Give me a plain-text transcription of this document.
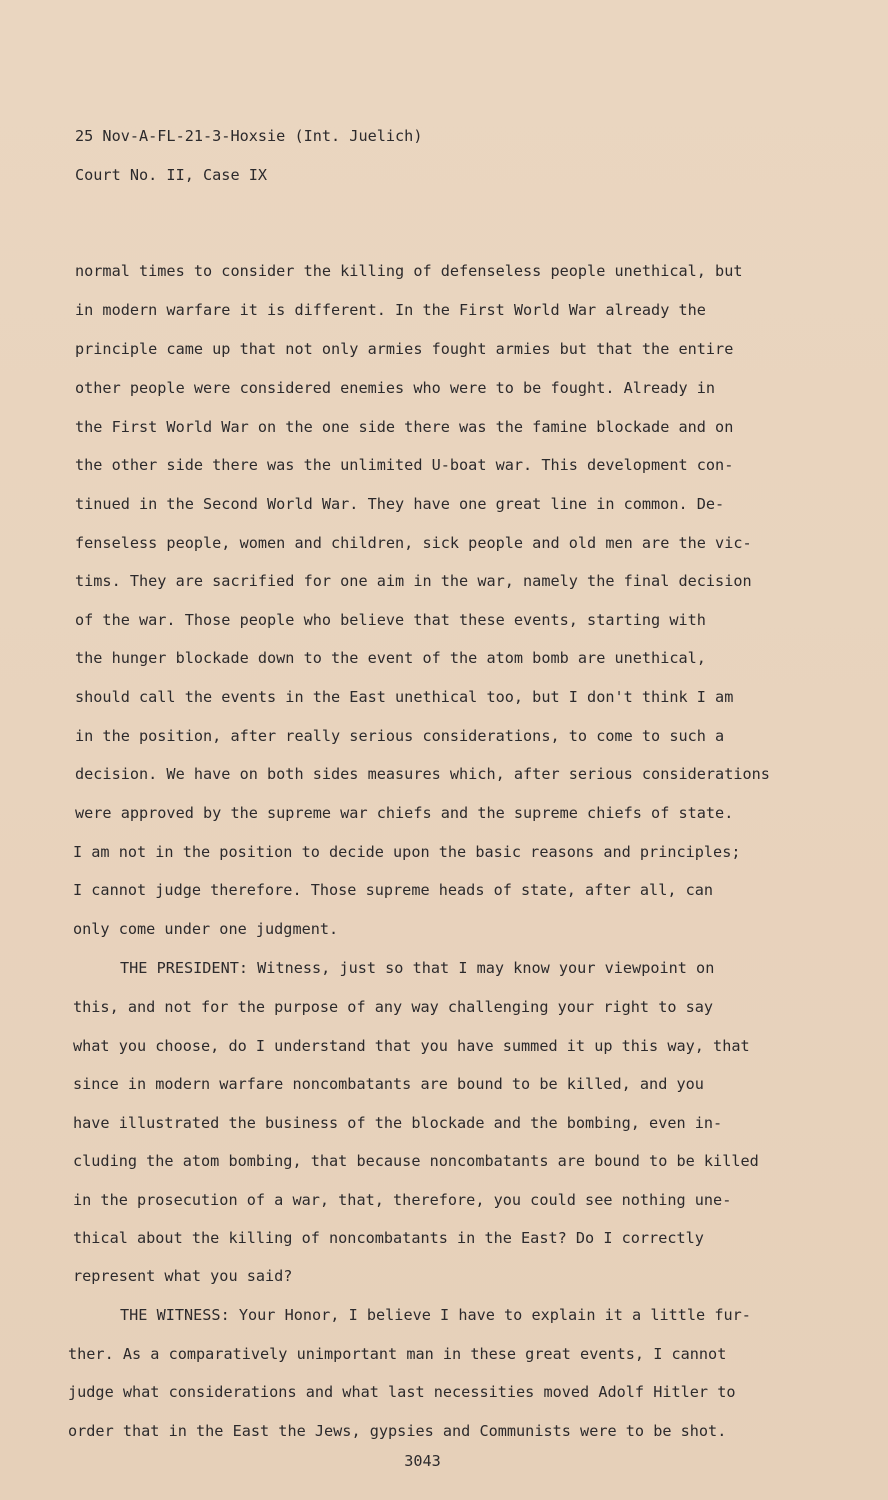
25 Nov-A-FL-21-3-Hoxsie (Int. Juelich)
Court No. II, Case IX
normal times to consider the killing of defenseless people unethical, but
in modern warfare it is different. In the First World War already the
principle came up that not only armies fought armies but that the entire
other people were considered enemies who were to be fought. Already in
the First World War on the one side there was the famine blockade and on
the other side there was the unlimited U-boat war. This development con-
tinued in the Second World War. They have one great line in common. De-
fenseless people, women and children, sick people and old men are the vic-
tims. They are sacrified for one aim in the war, namely the final decision
of the war. Those people who believe that these events, starting with
the hunger blockade down to the event of the atom bomb are unethical,
should call the events in the East unethical too, but I don't think I am
in the position, after really serious considerations, to come to such a
decision. We have on both sides measures which, after serious considerations
were approved by the supreme war chiefs and the supreme chiefs of state.
I am not in the position to decide upon the basic reasons and principles;
I cannot judge therefore. Those supreme heads of state, after all, can
only come under one judgment.
THE PRESIDENT: Witness, just so that I may know your viewpoint on
this, and not for the purpose of any way challenging your right to say
what you choose, do I understand that you have summed it up this way, that
since in modern warfare noncombatants are bound to be killed, and you
have illustrated the business of the blockade and the bombing, even in-
cluding the atom bombing, that because noncombatants are bound to be killed
in the prosecution of a war, that, therefore, you could see nothing une-
thical about the killing of noncombatants in the East? Do I correctly
represent what you said?
THE WITNESS: Your Honor, I believe I have to explain it a little fur-
ther. As a comparatively unimportant man in these great events, I cannot
judge what considerations and what last necessities moved Adolf Hitler to
order that in the East the Jews, gypsies and Communists were to be shot.
3043
